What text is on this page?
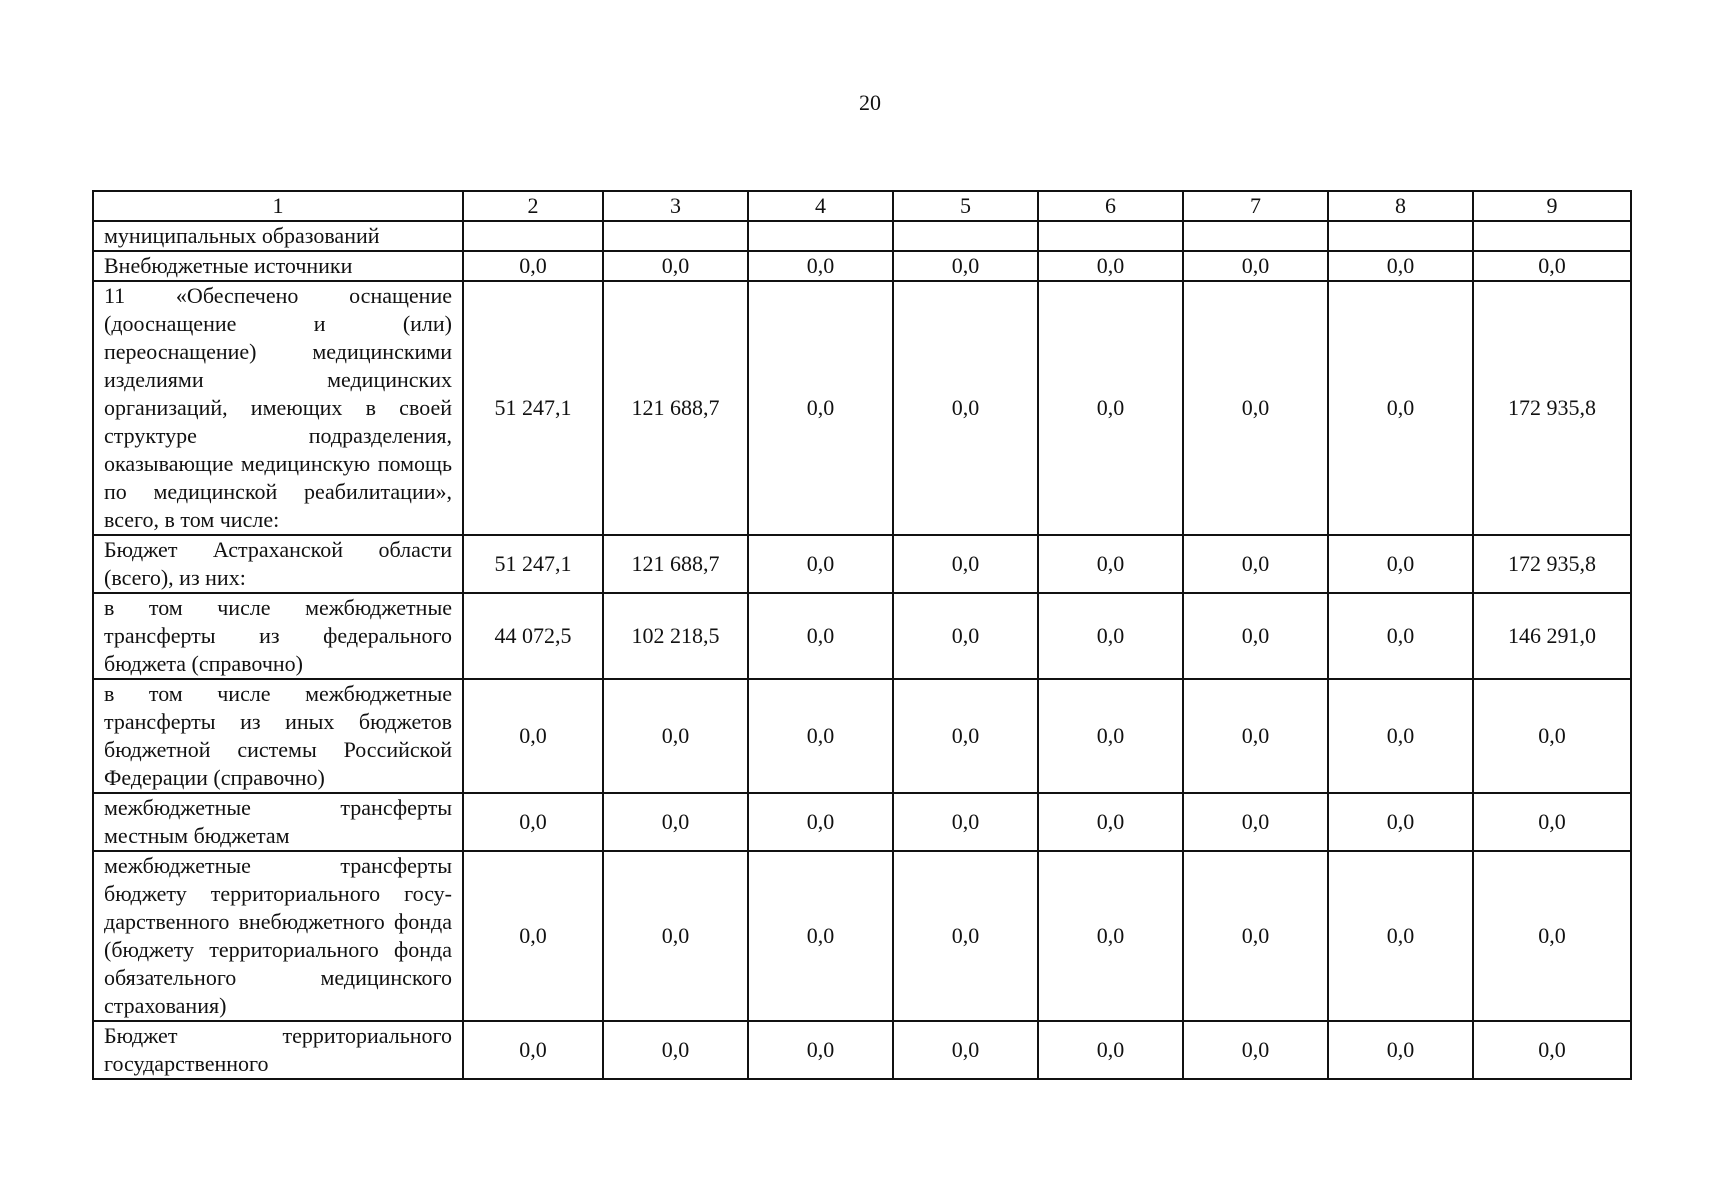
20
1	2	3	4	5	6	7	8	9
муниципальных образований								
Внебюджетные источники	0,0	0,0	0,0	0,0	0,0	0,0	0,0	0,0
11 «Обеспечено оснащение (дооснащение и (или) переоснащение) медицинскими изделиями медицинских организаций, имеющих в своей структуре подразделения, оказывающие медицинскую помощь по медицинской реабилитации», всего, в том числе:	51 247,1	121 688,7	0,0	0,0	0,0	0,0	0,0	172 935,8
Бюджет Астраханской области (всего), из них:	51 247,1	121 688,7	0,0	0,0	0,0	0,0	0,0	172 935,8
в том числе межбюджетные трансферты из федерального бюджета (справочно)	44 072,5	102 218,5	0,0	0,0	0,0	0,0	0,0	146 291,0
в том числе межбюджетные трансферты из иных бюджетов бюджетной системы Российской Федерации (справочно)	0,0	0,0	0,0	0,0	0,0	0,0	0,0	0,0
межбюджетные трансферты местным бюджетам	0,0	0,0	0,0	0,0	0,0	0,0	0,0	0,0
межбюджетные трансферты бюджету территориального госу-дарственного внебюджетного фонда (бюджету территориального фонда обязательного медицинского страхования)	0,0	0,0	0,0	0,0	0,0	0,0	0,0	0,0
Бюджет территориального государственного	0,0	0,0	0,0	0,0	0,0	0,0	0,0	0,0
